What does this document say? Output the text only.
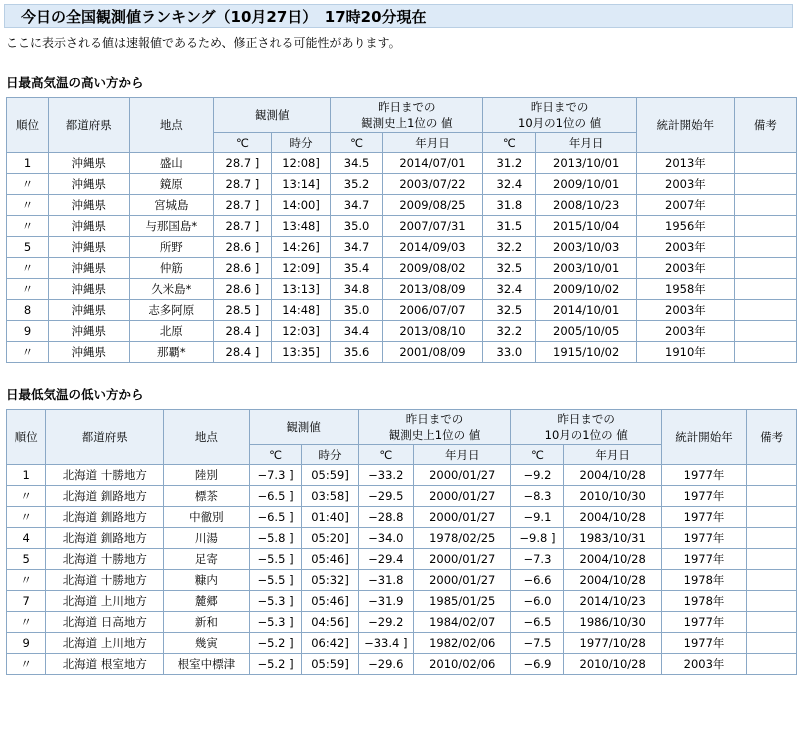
今日の全国観測値ランキング（10月27日）　17時20分現在
ここに表示される値は速報値であるため、修正される可能性があります。
日最高気温の高い方から
順位	都道府県	地点	観測値	
昨日までの
観測史上1位の 値

昨日までの
10月の1位の 値	統計開始年	備考
			℃	時分	℃	年月日	℃	年月日		
1	沖縄県	盛山	28.7 ]	12:08]	34.5	2014/07/01	31.2	2013/10/01	2013年	
〃	沖縄県	鏡原	28.7 ]	13:14]	35.2	2003/07/22	32.4	2009/10/01	2003年	
〃	沖縄県	宮城島	28.7 ]	14:00]	34.7	2009/08/25	31.8	2008/10/23	2007年	
〃	沖縄県	与那国島*	28.7 ]	13:48]	35.0	2007/07/31	31.5	2015/10/04	1956年	
5	沖縄県	所野	28.6 ]	14:26]	34.7	2014/09/03	32.2	2003/10/03	2003年	
〃	沖縄県	仲筋	28.6 ]	12:09]	35.4	2009/08/02	32.5	2003/10/01	2003年	
〃	沖縄県	久米島*	28.6 ]	13:13]	34.8	2013/08/09	32.4	2009/10/02	1958年	
8	沖縄県	志多阿原	28.5 ]	14:48]	35.0	2006/07/07	32.5	2014/10/01	2003年	
9	沖縄県	北原	28.4 ]	12:03]	34.4	2013/08/10	32.2	2005/10/05	2003年	
〃	沖縄県	那覇*	28.4 ]	13:35]	35.6	2001/08/09	33.0	1915/10/02	1910年	
日最低気温の低い方から
順位	都道府県	地点	観測値	
昨日までの
観測史上1位の 値

昨日までの
10月の1位の 値	統計開始年	備考
			℃	時分	℃	年月日	℃	年月日		
1	北海道 十勝地方	陸別	−7.3 ]	05:59]	−33.2	2000/01/27	−9.2	2004/10/28	1977年	
〃	北海道 釧路地方	標茶	−6.5 ]	03:58]	−29.5	2000/01/27	−8.3	2010/10/30	1977年	
〃	北海道 釧路地方	中徹別	−6.5 ]	01:40]	−28.8	2000/01/27	−9.1	2004/10/28	1977年	
4	北海道 釧路地方	川湯	−5.8 ]	05:20]	−34.0	1978/02/25	−9.8 ]	1983/10/31	1977年	
5	北海道 十勝地方	足寄	−5.5 ]	05:46]	−29.4	2000/01/27	−7.3	2004/10/28	1977年	
〃	北海道 十勝地方	糠内	−5.5 ]	05:32]	−31.8	2000/01/27	−6.6	2004/10/28	1978年	
7	北海道 上川地方	麓郷	−5.3 ]	05:46]	−31.9	1985/01/25	−6.0	2014/10/23	1978年	
〃	北海道 日高地方	新和	−5.3 ]	04:56]	−29.2	1984/02/07	−6.5	1986/10/30	1977年	
9	北海道 上川地方	幾寅	−5.2 ]	06:42]	−33.4 ]	1982/02/06	−7.5	1977/10/28	1977年	
〃	北海道 根室地方	根室中標津	−5.2 ]	05:59]	−29.6	2010/02/06	−6.9	2010/10/28	2003年	
